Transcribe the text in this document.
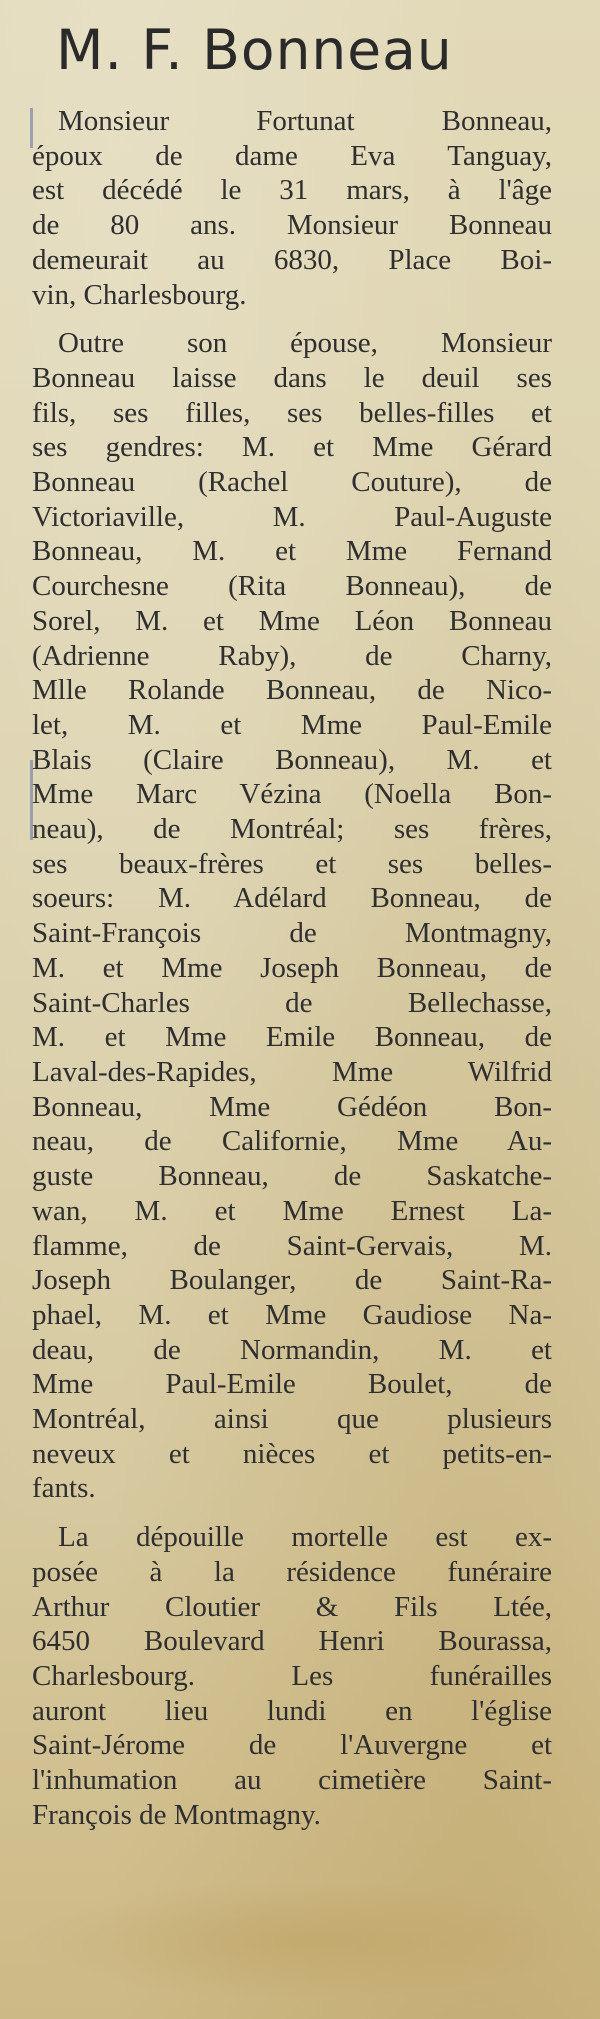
M. F. Bonneau
Monsieur Fortunat Bonneau,
époux de dame Eva Tanguay,
est décédé le 31 mars, à l'âge
de 80 ans. Monsieur Bonneau
demeurait au 6830, Place Boi-
vin, Charlesbourg.
Outre son épouse, Monsieur
Bonneau laisse dans le deuil ses
fils, ses filles, ses belles-filles et
ses gendres: M. et Mme Gérard
Bonneau (Rachel Couture), de
Victoriaville, M. Paul-Auguste
Bonneau, M. et Mme Fernand
Courchesne (Rita Bonneau), de
Sorel, M. et Mme Léon Bonneau
(Adrienne Raby), de Charny,
Mlle Rolande Bonneau, de Nico-
let, M. et Mme Paul-Emile
Blais (Claire Bonneau), M. et
Mme Marc Vézina (Noella Bon-
neau), de Montréal; ses frères,
ses beaux-frères et ses belles-
soeurs: M. Adélard Bonneau, de
Saint-François de Montmagny,
M. et Mme Joseph Bonneau, de
Saint-Charles de Bellechasse,
M. et Mme Emile Bonneau, de
Laval-des-Rapides, Mme Wilfrid
Bonneau, Mme Gédéon Bon-
neau, de Californie, Mme Au-
guste Bonneau, de Saskatche-
wan, M. et Mme Ernest La-
flamme, de Saint-Gervais, M.
Joseph Boulanger, de Saint-Ra-
phael, M. et Mme Gaudiose Na-
deau, de Normandin, M. et
Mme Paul-Emile Boulet, de
Montréal, ainsi que plusieurs
neveux et nièces et petits-en-
fants.
La dépouille mortelle est ex-
posée à la résidence funéraire
Arthur Cloutier & Fils Ltée,
6450 Boulevard Henri Bourassa,
Charlesbourg. Les funérailles
auront lieu lundi en l'église
Saint-Jérome de l'Auvergne et
l'inhumation au cimetière Saint-
François de Montmagny.
